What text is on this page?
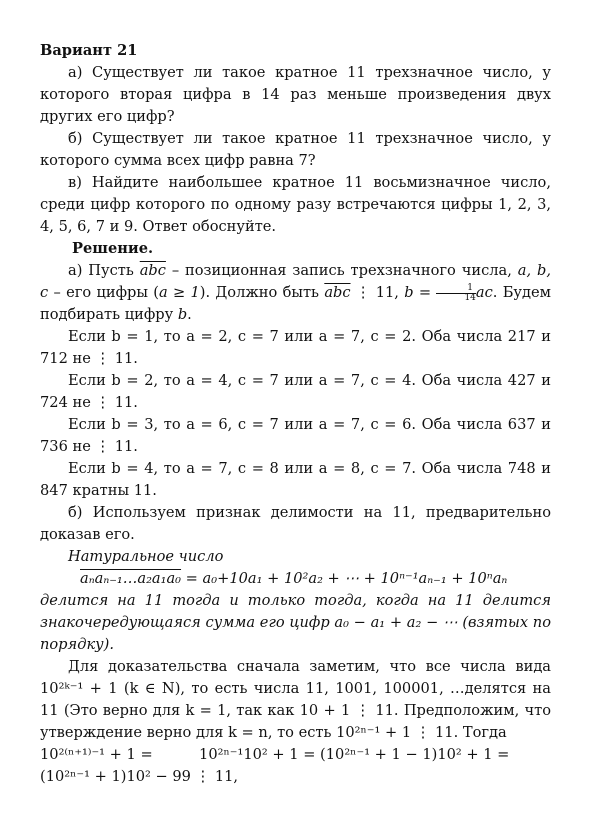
Вариант 21

а) Существует ли такое кратное 11 трехзначное число, у которого вторая цифра в 14 раз меньше произведения двух других его цифр?

б) Существует ли такое кратное 11 трехзначное число, у которого сумма всех цифр равна 7?

в) Найдите наибольшее кратное 11 восьмизначное число, среди цифр которого по одному разу встречаются цифры 1, 2, 3, 4, 5, 6, 7 и 9. Ответ обоснуйте.

Решение.

а) Пусть $\overline{abc}$ – позиционная запись трехзначного числа, a, b, c – его цифры (a ≥ 1). Должно быть $\overline{abc}$ ⋮ 11, $b = \frac{1}{14}$ ac. Будем подбирать цифру b.

Если b = 1, то a = 2, c = 7 или a = 7, c = 2. Оба числа 217 и 712 не ⋮ 11.

Если b = 2, то a = 4, c = 7 или a = 7, c = 4. Оба числа 427 и 724 не ⋮ 11.

Если b = 3, то a = 6, c = 7 или a = 7, c = 6. Оба числа 637 и 736 не ⋮ 11.

Если b = 4, то a = 7, c = 8 или a = 8, c = 7. Оба числа 748 и 847 кратны 11.

б) Используем признак делимости на 11, предварительно доказав его.

Натуральное число

aₙaₙ₋₁…a₂a₁a₀ = a₀+10a₁ + 10²a₂ + ⋯ + 10ⁿ⁻¹aₙ₋₁ + 10ⁿaₙ

делится на 11 тогда и только тогда, когда на 11 делится знакочередующаяся сумма его цифр a₀ − a₁ + a₂ − ⋯ (взятых по порядку).

Для доказательства сначала заметим, что все числа вида 10²ᵏ⁻¹ + 1 (k ∈ N), то есть числа 11, 1001, 100001, …делятся на 11 (Это верно для k = 1, так как 10 + 1 ⋮ 11. Предположим, что утверждение верно для k = n, то есть 10²ⁿ⁻¹ + 1 ⋮ 11. Тогда

10²⁽ⁿ⁺¹⁾⁻¹ + 1 =          10²ⁿ⁻¹10² + 1 = (10²ⁿ⁻¹ + 1 − 1)10² + 1 =

(10²ⁿ⁻¹ + 1)10² − 99 ⋮ 11,
